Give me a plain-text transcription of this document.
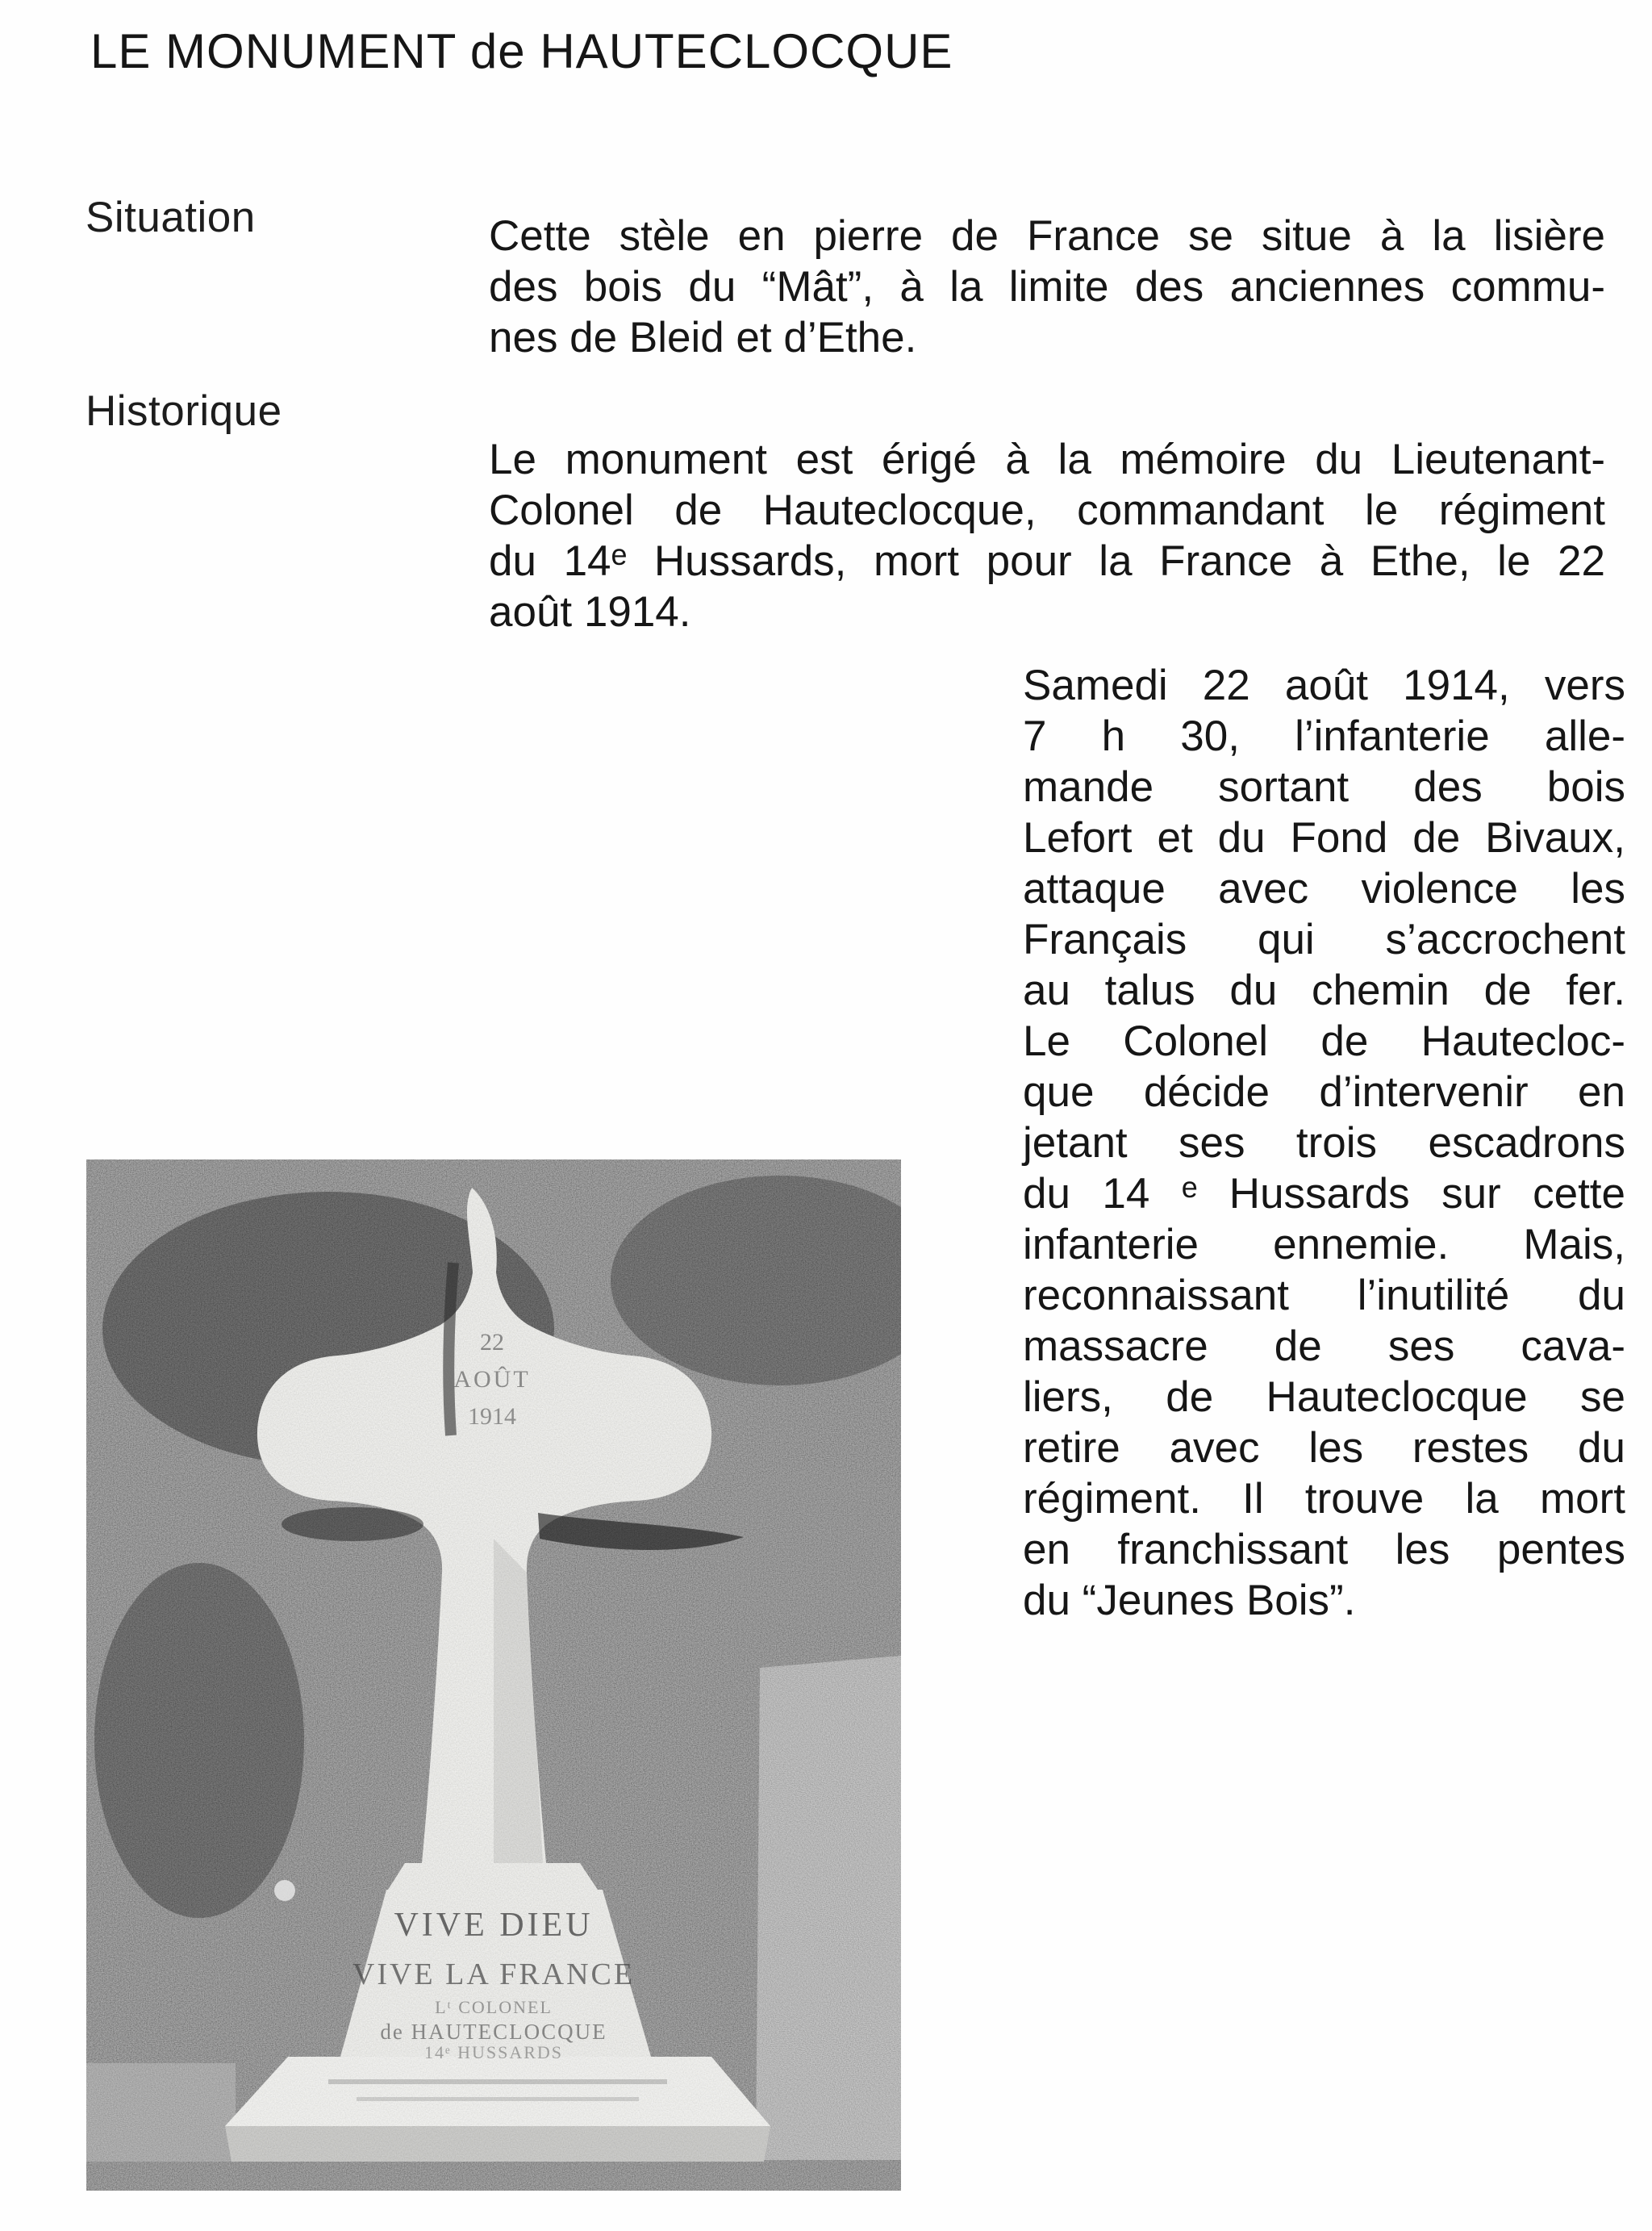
LE MONUMENT de HAUTECLOCQUE
Situation	Cette stèle en pierre de France se situe à la lisière
des bois du “Mât”, à la limite des anciennes commu-
nes de Bleid et d’Ethe.
Historique
Le monument est érigé à la mémoire du Lieutenant-
Colonel de Hauteclocque, commandant le régiment
du 14ᵉ Hussards, mort pour la France à Ethe, le 22
août 1914.
Samedi 22 août 1914, vers
7 h 30, l’infanterie alle-
mande sortant des bois
Lefort et du Fond de Bivaux,
attaque avec violence les
Français qui s’accrochent
au talus du chemin de fer.
Le Colonel de Hautecloc-
que décide d’intervenir en
jetant ses trois escadrons
du 14 ᵉ Hussards sur cette
infanterie ennemie. Mais,
reconnaissant l’inutilité du
massacre de ses cava-
liers, de Hauteclocque se
retire avec les restes du
régiment. Il trouve la mort
en franchissant les pentes
du “Jeunes Bois”.
22
AOÛT
1914
VIVE DIEU
VIVE LA FRANCE
Lᵗ COLONEL
de HAUTECLOCQUE
14ᵉ HUSSARDS
